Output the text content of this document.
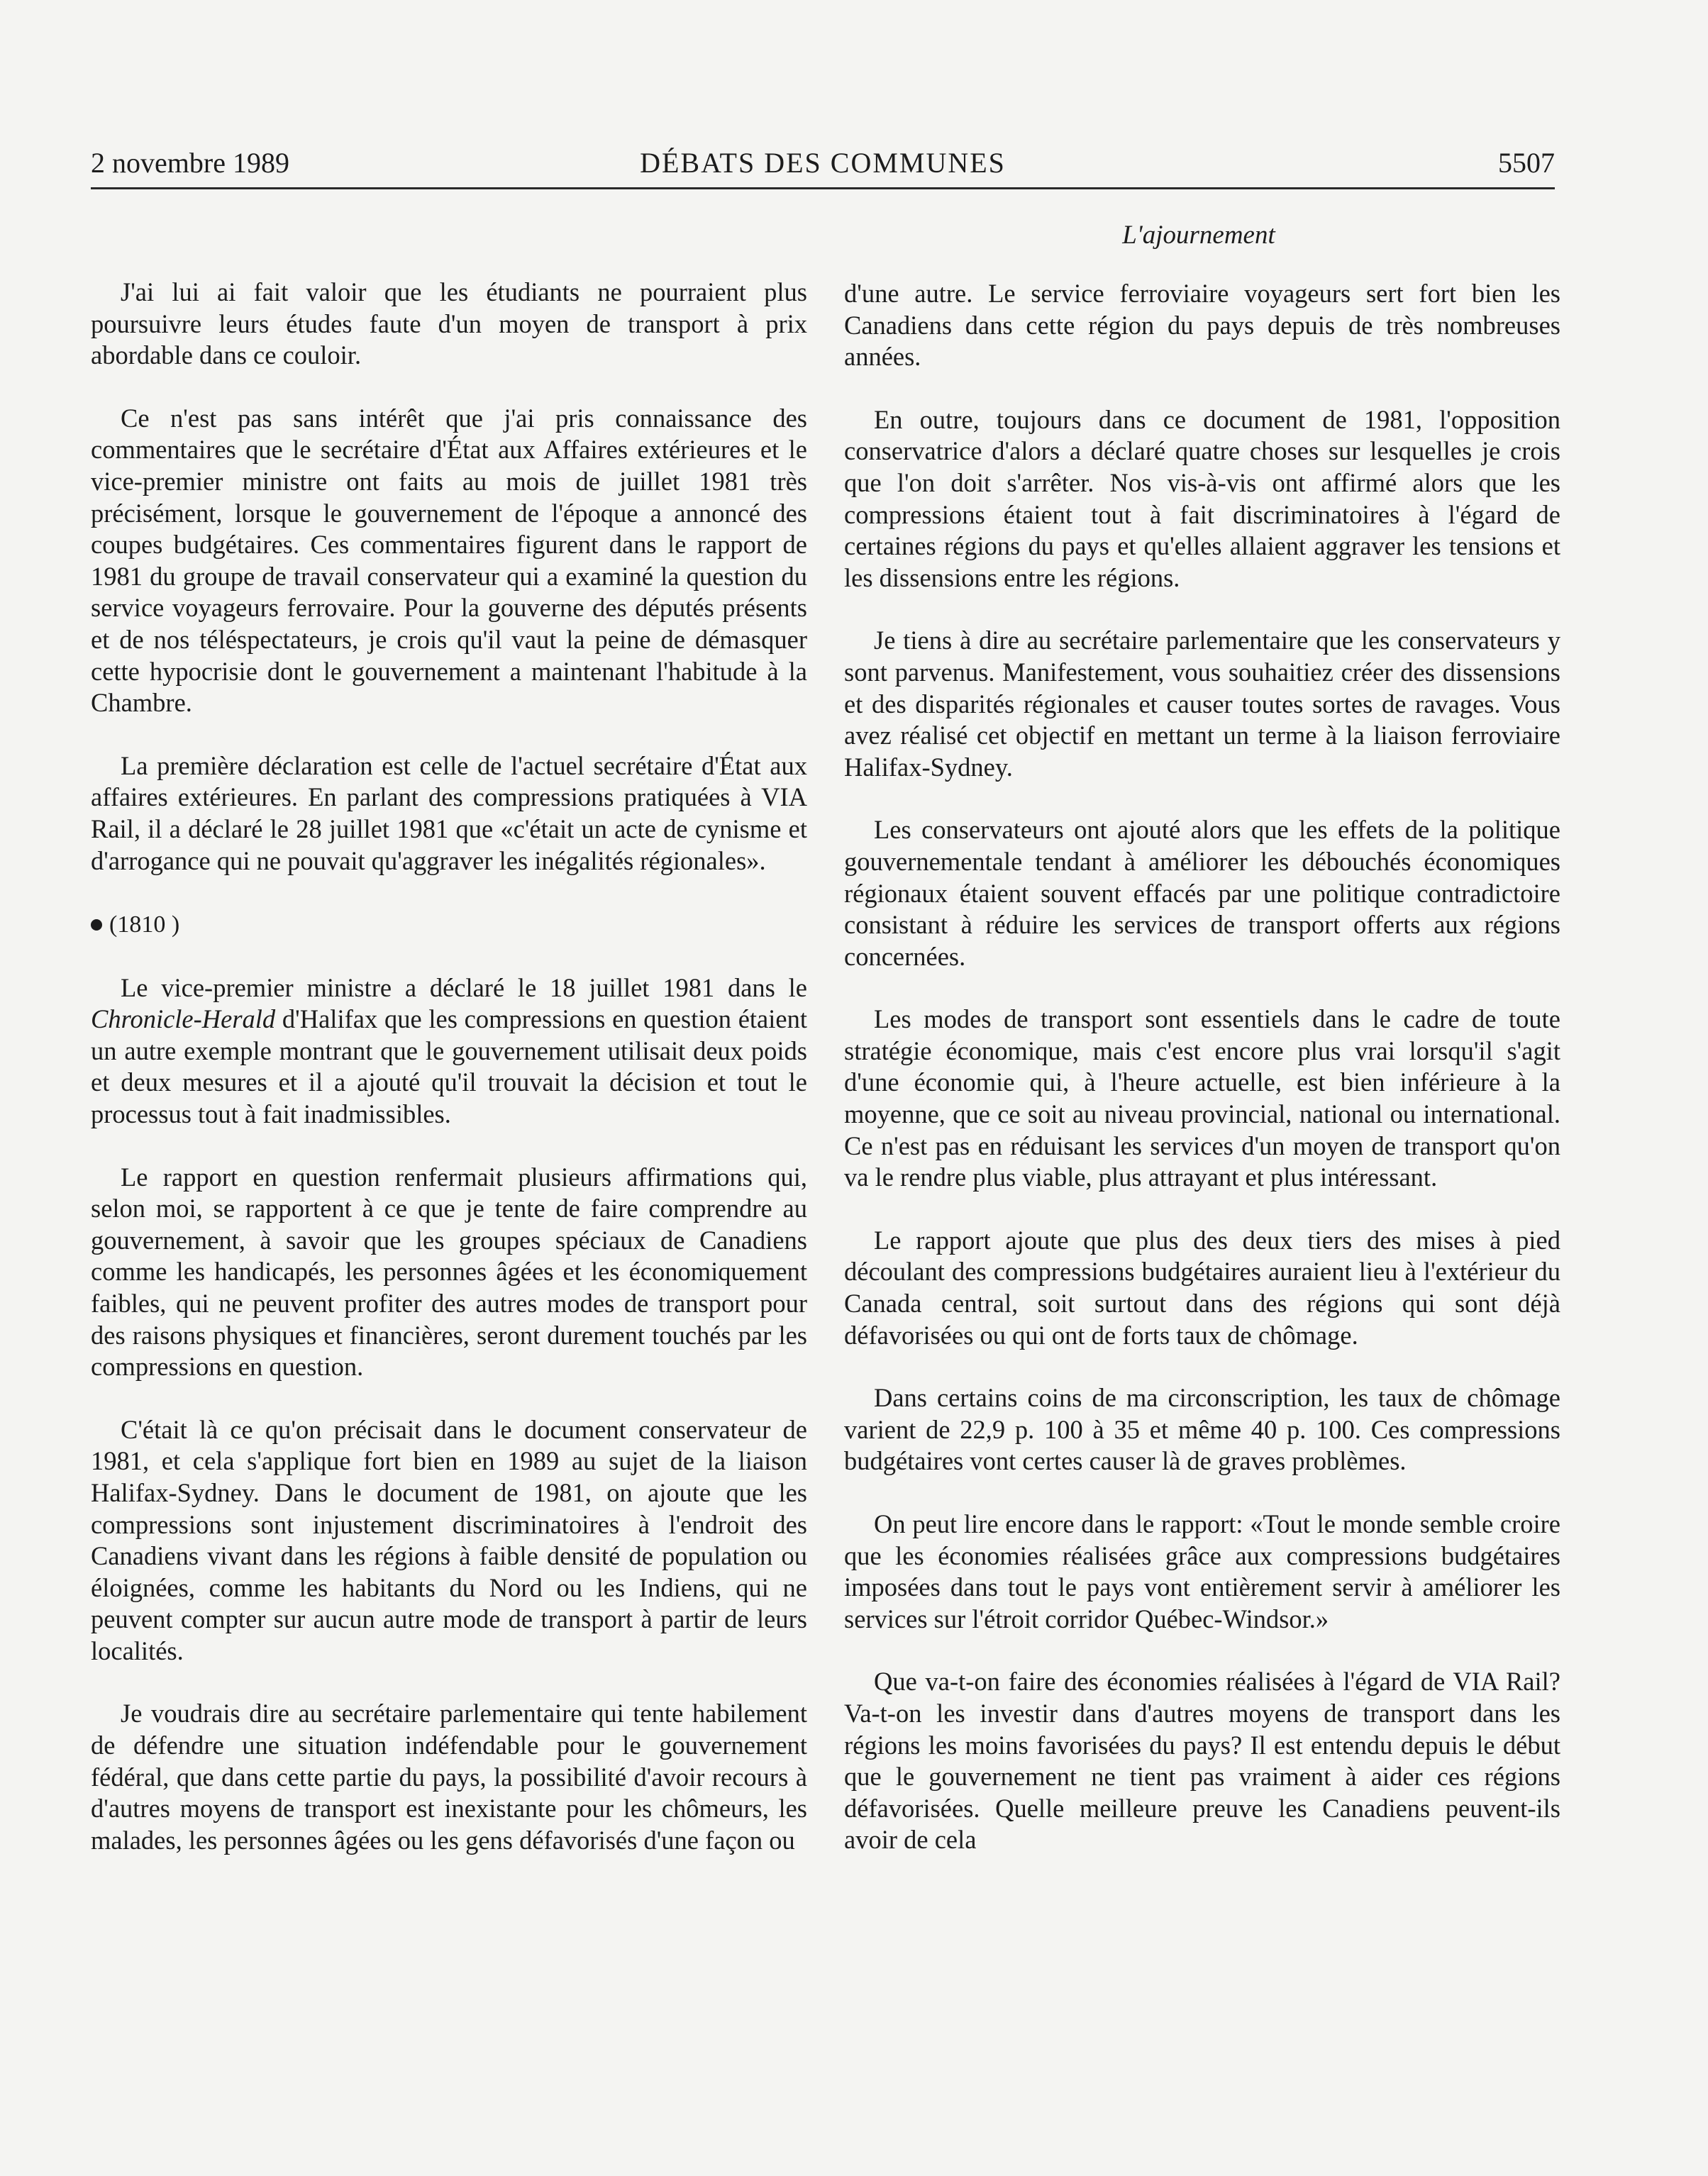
2 novembre 1989	DÉBATS DES COMMUNES	5507
L'ajournement

J'ai lui ai fait valoir que les étudiants ne pourraient plus poursuivre leurs études faute d'un moyen de transport à prix abordable dans ce couloir.

Ce n'est pas sans intérêt que j'ai pris connaissance des commentaires que le secrétaire d'État aux Affaires extérieures et le vice-premier ministre ont faits au mois de juillet 1981 très précisément, lorsque le gouvernement de l'époque a annoncé des coupes budgétaires. Ces commentaires figurent dans le rapport de 1981 du groupe de travail conservateur qui a examiné la question du service voyageurs ferrovaire. Pour la gouverne des députés présents et de nos téléspectateurs, je crois qu'il vaut la peine de démasquer cette hypocrisie dont le gouvernement a maintenant l'habitude à la Chambre.

La première déclaration est celle de l'actuel secrétaire d'État aux affaires extérieures. En parlant des compressions pratiquées à VIA Rail, il a déclaré le 28 juillet 1981 que «c'était un acte de cynisme et d'arrogance qui ne pouvait qu'aggraver les inégalités régionales».

(1810 )

Le vice-premier ministre a déclaré le 18 juillet 1981 dans le Chronicle-Herald d'Halifax que les compressions en question étaient un autre exemple montrant que le gouvernement utilisait deux poids et deux mesures et il a ajouté qu'il trouvait la décision et tout le processus tout à fait inadmissibles.

Le rapport en question renfermait plusieurs affirmations qui, selon moi, se rapportent à ce que je tente de faire comprendre au gouvernement, à savoir que les groupes spéciaux de Canadiens comme les handicapés, les personnes âgées et les économiquement faibles, qui ne peuvent profiter des autres modes de transport pour des raisons physiques et financières, seront durement touchés par les compressions en question.

C'était là ce qu'on précisait dans le document conservateur de 1981, et cela s'applique fort bien en 1989 au sujet de la liaison Halifax-Sydney. Dans le document de 1981, on ajoute que les compressions sont injustement discriminatoires à l'endroit des Canadiens vivant dans les régions à faible densité de population ou éloignées, comme les habitants du Nord ou les Indiens, qui ne peuvent compter sur aucun autre mode de transport à partir de leurs localités.

Je voudrais dire au secrétaire parlementaire qui tente habilement de défendre une situation indéfendable pour le gouvernement fédéral, que dans cette partie du pays, la possibilité d'avoir recours à d'autres moyens de transport est inexistante pour les chômeurs, les malades, les personnes âgées ou les gens défavorisés d'une façon ou

d'une autre. Le service ferroviaire voyageurs sert fort bien les Canadiens dans cette région du pays depuis de très nombreuses années.

En outre, toujours dans ce document de 1981, l'opposition conservatrice d'alors a déclaré quatre choses sur lesquelles je crois que l'on doit s'arrêter. Nos vis-à-vis ont affirmé alors que les compressions étaient tout à fait discriminatoires à l'égard de certaines régions du pays et qu'elles allaient aggraver les tensions et les dissensions entre les régions.

Je tiens à dire au secrétaire parlementaire que les conservateurs y sont parvenus. Manifestement, vous souhaitiez créer des dissensions et des disparités régionales et causer toutes sortes de ravages. Vous avez réalisé cet objectif en mettant un terme à la liaison ferroviaire Halifax-Sydney.

Les conservateurs ont ajouté alors que les effets de la politique gouvernementale tendant à améliorer les débouchés économiques régionaux étaient souvent effacés par une politique contradictoire consistant à réduire les services de transport offerts aux régions concernées.

Les modes de transport sont essentiels dans le cadre de toute stratégie économique, mais c'est encore plus vrai lorsqu'il s'agit d'une économie qui, à l'heure actuelle, est bien inférieure à la moyenne, que ce soit au niveau provincial, national ou international. Ce n'est pas en réduisant les services d'un moyen de transport qu'on va le rendre plus viable, plus attrayant et plus intéressant.

Le rapport ajoute que plus des deux tiers des mises à pied découlant des compressions budgétaires auraient lieu à l'extérieur du Canada central, soit surtout dans des régions qui sont déjà défavorisées ou qui ont de forts taux de chômage.

Dans certains coins de ma circonscription, les taux de chômage varient de 22,9 p. 100 à 35 et même 40 p. 100. Ces compressions budgétaires vont certes causer là de graves problèmes.

On peut lire encore dans le rapport: «Tout le monde semble croire que les économies réalisées grâce aux compressions budgétaires imposées dans tout le pays vont entièrement servir à améliorer les services sur l'étroit corridor Québec-Windsor.»

Que va-t-on faire des économies réalisées à l'égard de VIA Rail? Va-t-on les investir dans d'autres moyens de transport dans les régions les moins favorisées du pays? Il est entendu depuis le début que le gouvernement ne tient pas vraiment à aider ces régions défavorisées. Quelle meilleure preuve les Canadiens peuvent-ils avoir de cela
